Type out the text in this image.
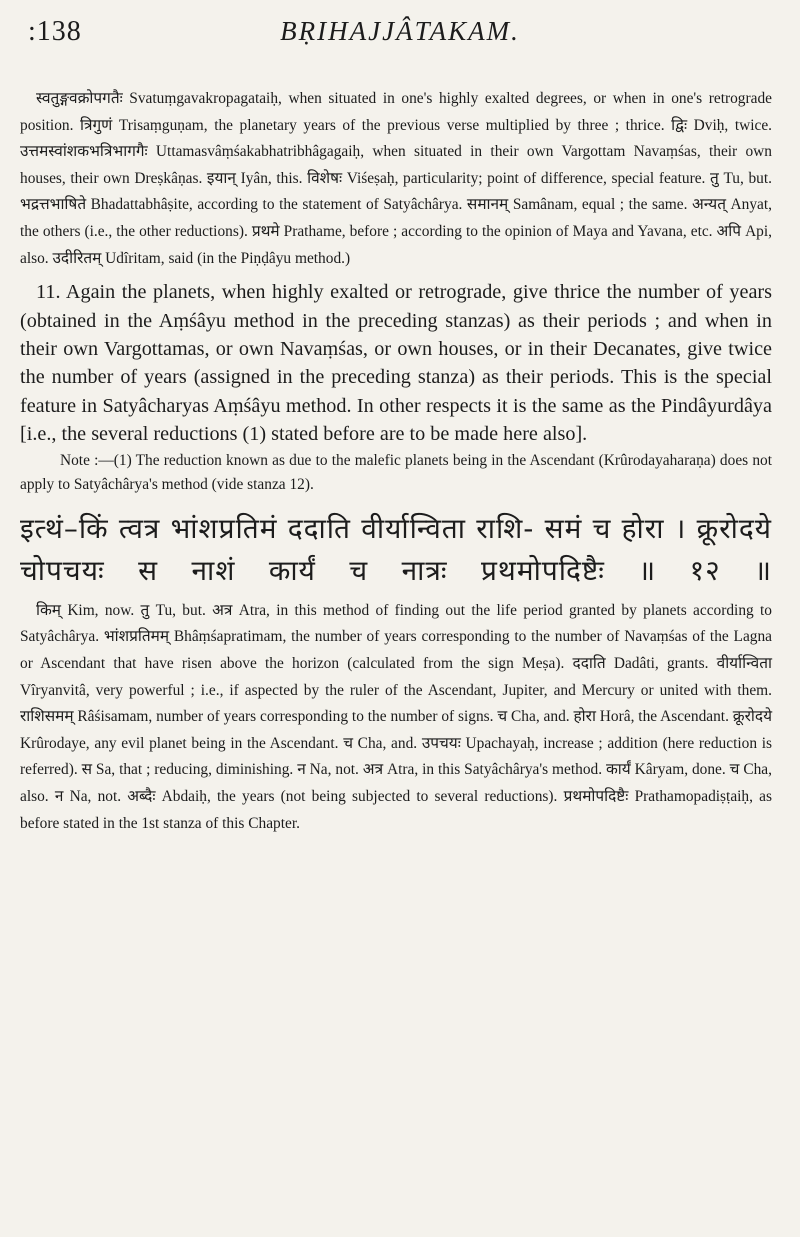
:138	BṚIHAJJÂTAKAM.

स्वतुङ्गवक्रोपगतैः Svatuṃgavakropagataiḥ, when situated in one's highly exalted degrees, or when in one's retrograde position. त्रिगुणं Trisaṃguṇam, the planetary years of the previous verse multiplied by three ; thrice. द्विः Dviḥ, twice. उत्तमस्वांशकभत्रिभागगैः Uttamasvâṃśakabhatribhâgagaiḥ, when situated in their own Vargottam Navaṃśas, their own houses, their own Dreṣkâṇas. इयान् Iyân, this. विशेषः Viśeṣaḥ, particularity; point of difference, special feature. तु Tu, but. भद्रत्तभाषिते Bhadattabhâṣite, according to the statement of Satyâchârya. समानम् Samânam, equal ; the same. अन्यत् Anyat, the others (i.e., the other reductions). प्रथमे Prathame, before ; according to the opinion of Maya and Yavana, etc. अपि Api, also. उदीरितम् Udîritam, said (in the Piṇḍâyu method.)

11. Again the planets, when highly exalted or retrograde, give thrice the number of years (obtained in the Aṃśâyu method in the preceding stanzas) as their periods ; and when in their own Vargottamas, or own Navaṃśas, or own houses, or in their Decanates, give twice the number of years (assigned in the preceding stanza) as their periods. This is the special feature in Satyâcharyas Aṃśâyu method. In other respects it is the same as the Pindâyurdâya [i.e., the several reductions (1) stated before are to be made here also].

Note :—(1) The reduction known as due to the malefic planets being in the Ascendant (Krûrodayaharaṇa) does not apply to Satyâchârya's method (vide stanza 12).

इत्थं–किं त्वत्र भांशप्रतिमं ददाति वीर्यान्विता राशि- समं च होरा । क्रूरोदये चोपचयः स नाशं कार्यं च नात्रः प्रथमोपदिष्टैः ॥ १२ ॥

किम् Kim, now. तु Tu, but. अत्र Atra, in this method of finding out the life period granted by planets according to Satyâchârya. भांशप्रतिमम् Bhâṃśapratimam, the number of years corresponding to the number of Navaṃśas of the Lagna or Ascendant that have risen above the horizon (calculated from the sign Meṣa). ददाति Dadâti, grants. वीर्यान्विता Vîryanvitâ, very powerful ; i.e., if aspected by the ruler of the Ascendant, Jupiter, and Mercury or united with them. राशिसमम् Râśisamam, number of years corresponding to the number of signs. च Cha, and. होरा Horâ, the Ascendant. क्रूरोदये Krûrodaye, any evil planet being in the Ascendant. च Cha, and. उपचयः Upachayaḥ, increase ; addition (here reduction is referred). स Sa, that ; reducing, diminishing. न Na, not. अत्र Atra, in this Satyâchârya's method. कार्यं Kâryam, done. च Cha, also. न Na, not. अब्दैः Abdaiḥ, the years (not being subjected to several reductions). प्रथमोपदिष्टैः Prathamopadiṣṭaiḥ, as before stated in the 1st stanza of this Chapter.
